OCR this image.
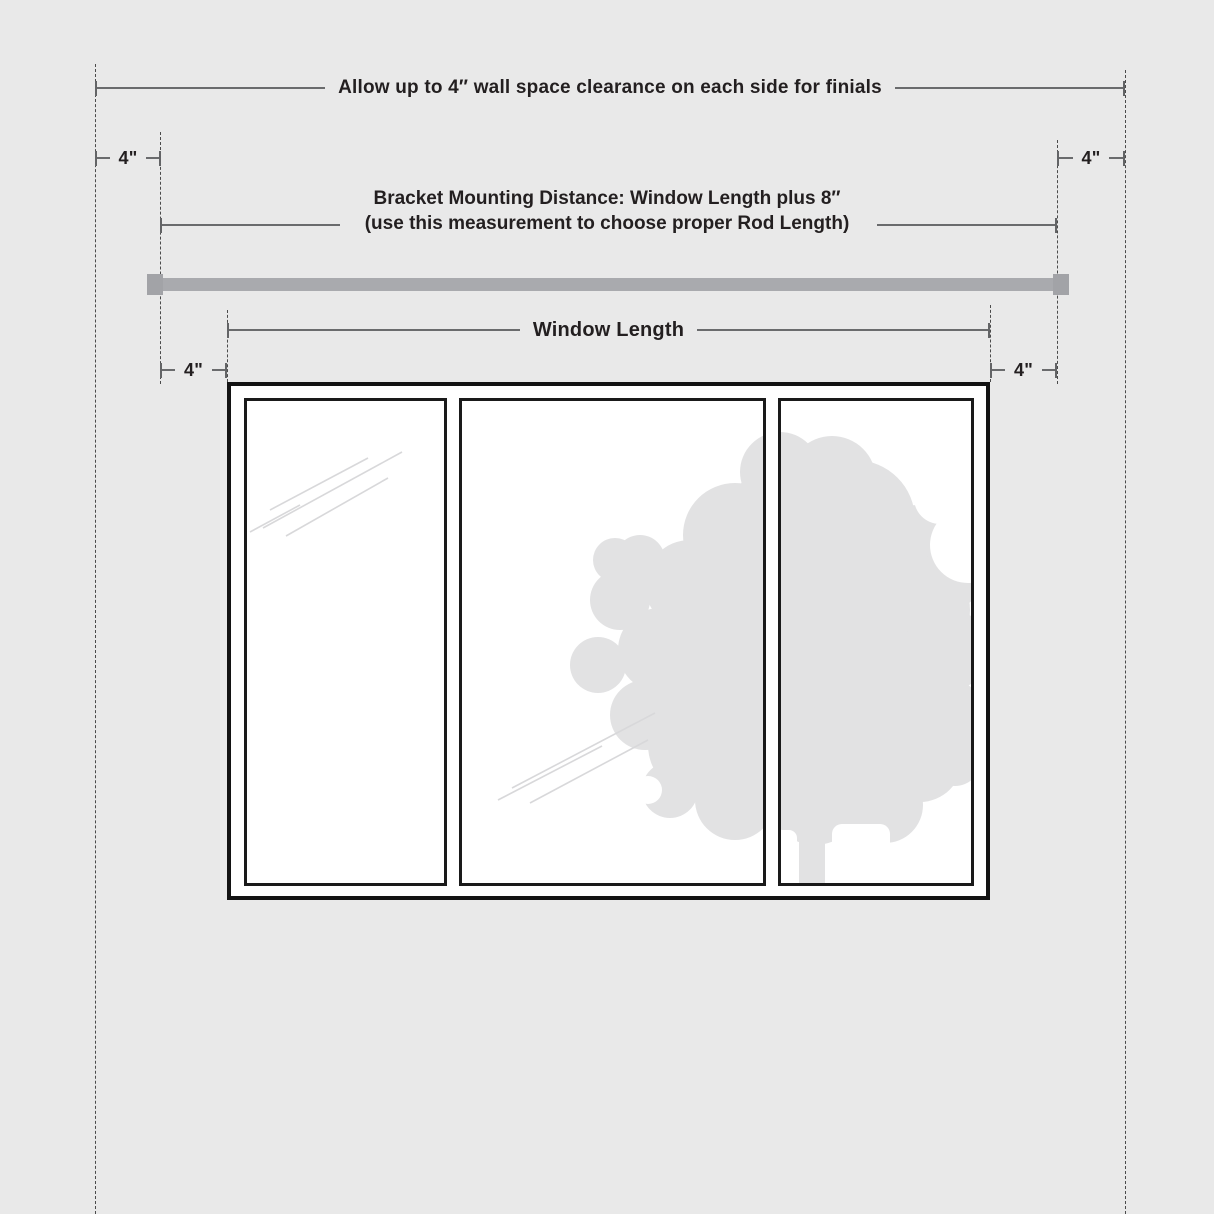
Allow up to 4″ wall space clearance on each side for finials
4"	4"
Bracket Mounting Distance: Window Length plus 8″
(use this measurement to choose proper Rod Length)
Window Length
4"	4"
